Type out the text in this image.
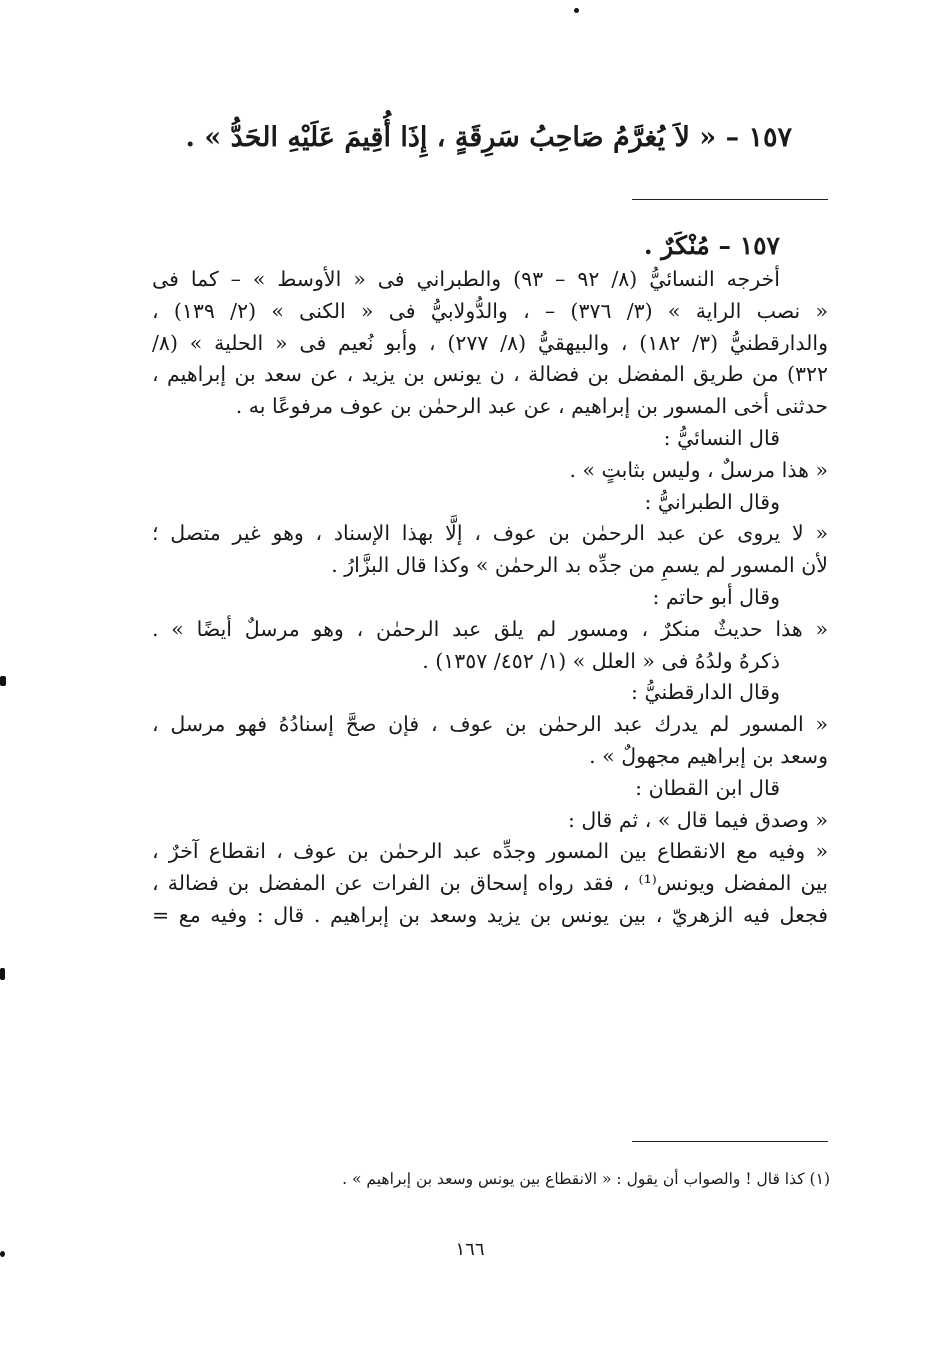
١٥٧ – « لاَ يُغرَّمُ صَاحِبُ سَرِقَةٍ ، إِذَا أُقِيمَ عَلَيْهِ الحَدُّ » .
١٥٧ – مُنْكَرٌ .
أخرجه النسائيُّ (٨/ ٩٢ – ٩٣) والطبراني فى « الأوسط » – كما فى
« نصب الراية » (٣/ ٣٧٦) – ، والدُّولابيُّ فى « الكنى » (٢/ ١٣٩) ،
والدارقطنيُّ (٣/ ١٨٢) ، والبيهقيُّ (٨/ ٢٧٧) ، وأبو نُعيم فى « الحلية » (٨/
٣٢٢) من طريق المفضل بن فضالة ، ن يونس بن يزيد ، عن سعد بن إبراهيم ،
حدثنى أخى المسور بن إبراهيم ، عن عبد الرحمٰن بن عوف مرفوعًا به .
قال النسائيُّ :
« هذا مرسلٌ ، وليس بثابتٍ » .
وقال الطبرانيُّ :
« لا يروى عن عبد الرحمٰن بن عوف ، إلَّا بهذا الإسناد ، وهو غير متصل ؛
لأن المسور لم يسمِ من جدِّه بد الرحمٰن » وكذا قال البزَّارُ .
وقال أبو حاتم :
« هذا حديثٌ منكرٌ ، ومسور لم يلق عبد الرحمٰن ، وهو مرسلٌ أيضًا » .
ذكرهُ ولدُهُ فى « العلل » (١/ ٤٥٢/ ١٣٥٧) .
وقال الدارقطنيُّ :
« المسور لم يدرك عبد الرحمٰن بن عوف ، فإن صحَّ إسنادُهُ فهو مرسل ،
وسعد بن إبراهيم مجهولٌ » .
قال ابن القطان :
« وصدق فيما قال » ، ثم قال :
« وفيه مع الانقطاع بين المسور وجدِّه عبد الرحمٰن بن عوف ، انقطاع آخرٌ ،
بين المفضل ويونس⁽¹⁾ ، فقد رواه إسحاق بن الفرات عن المفضل بن فضالة ،
فجعل فيه الزهريّ ، بين يونس بن يزيد وسعد بن إبراهيم . قال : وفيه مع =
(١) كذا قال ! والصواب أن يقول : « الانقطاع بين يونس وسعد بن إبراهيم » .
١٦٦
